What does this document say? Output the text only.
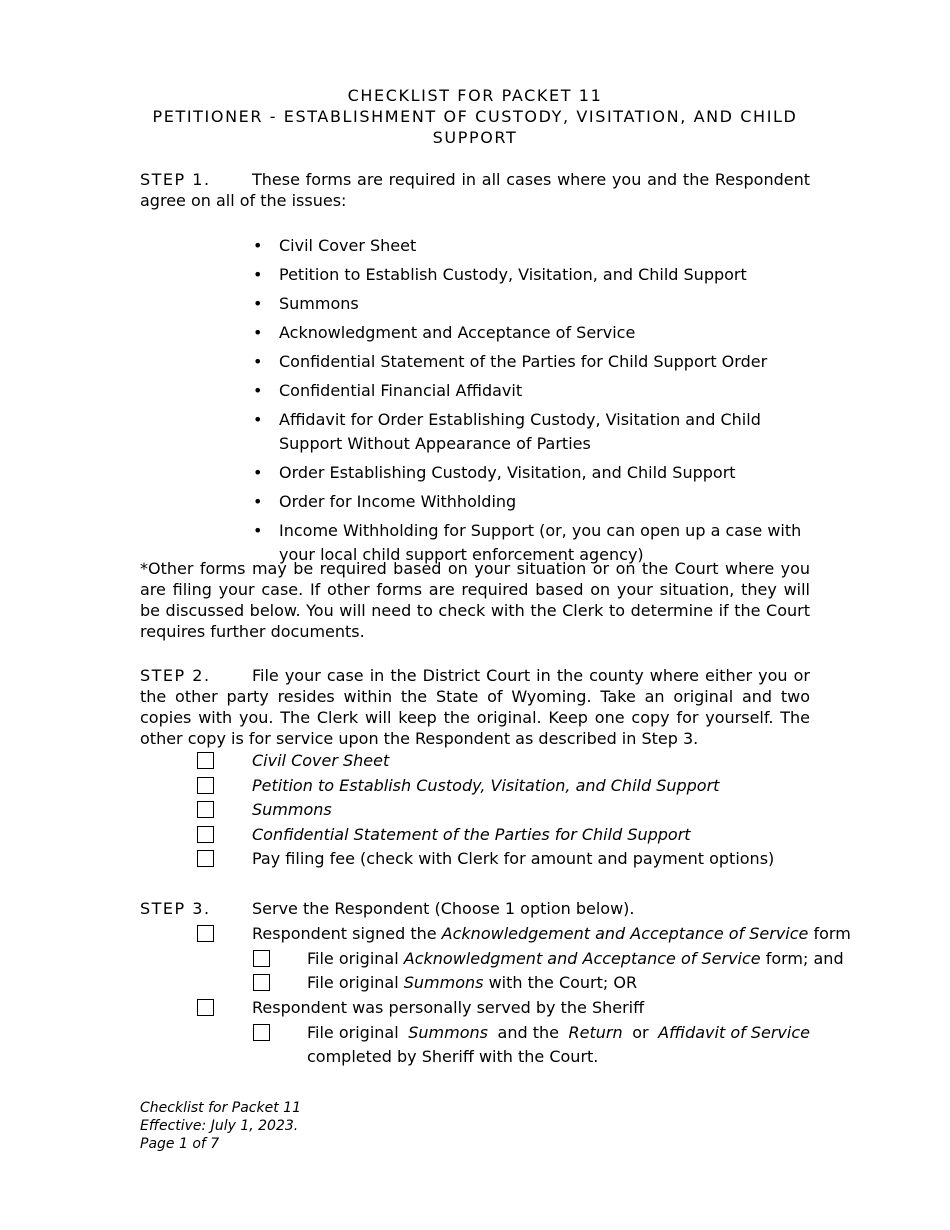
CHECKLIST FOR PACKET 11
PETITIONER - ESTABLISHMENT OF CUSTODY, VISITATION, AND CHILD
SUPPORT
STEP 1.	These forms are required in all cases where you and the Respondent agree on all of the issues:
• Civil Cover Sheet
• Petition to Establish Custody, Visitation, and Child Support
• Summons
• Acknowledgment and Acceptance of Service
• Confidential Statement of the Parties for Child Support Order
• Confidential Financial Affidavit
• Affidavit for Order Establishing Custody, Visitation and Child Support Without Appearance of Parties
• Order Establishing Custody, Visitation, and Child Support
• Order for Income Withholding
• Income Withholding for Support (or, you can open up a case with your local child support enforcement agency)
*Other forms may be required based on your situation or on the Court where you are filing your case. If other forms are required based on your situation, they will be discussed below. You will need to check with the Clerk to determine if the Court requires further documents.
STEP 2.	File your case in the District Court in the county where either you or the other party resides within the State of Wyoming. Take an original and two copies with you. The Clerk will keep the original. Keep one copy for yourself. The other copy is for service upon the Respondent as described in Step 3.
Civil Cover Sheet
Petition to Establish Custody, Visitation, and Child Support
Summons
Confidential Statement of the Parties for Child Support
Pay filing fee (check with Clerk for amount and payment options)
STEP 3.	Serve the Respondent (Choose 1 option below).
Respondent signed the Acknowledgement and Acceptance of Service form
File original Acknowledgment and Acceptance of Service form; and
File original Summons with the Court; OR
Respondent was personally served by the Sheriff
File original Summons and the Return or Affidavit of Service
completed by Sheriff with the Court.
Checklist for Packet 11
Effective: July 1, 2023.
Page 1 of 7
